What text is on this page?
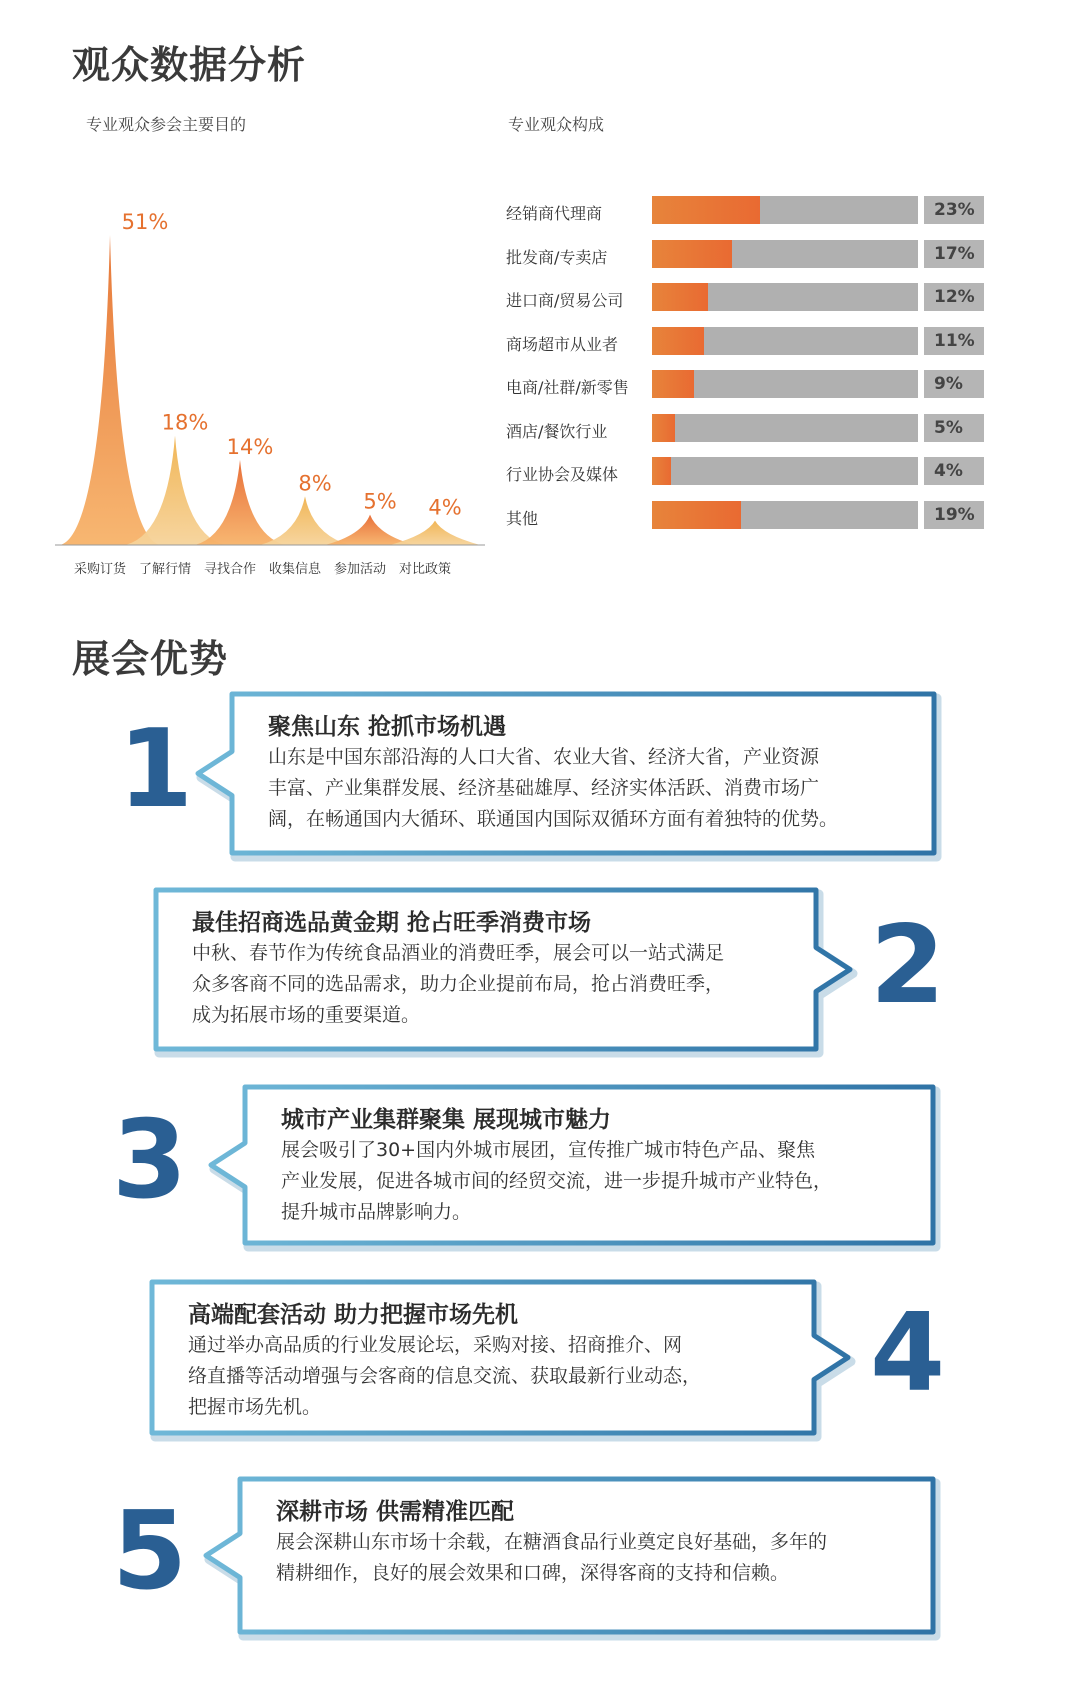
观众数据分析
专业观众参会主要目的	专业观众构成
51%
采购订货
18%
了解行情
14%
寻找合作
8%
收集信息
5%
参加活动
4%
对比政策
经销商代理商	23%
批发商/专卖店	17%
进口商/贸易公司	12%
商场超市从业者	11%
电商/社群/新零售	9%
酒店/餐饮行业	5%
行业协会及媒体	4%
其他	19%
展会优势
1	聚焦山东 抢抓市场机遇
山东是中国东部沿海的人口大省、农业大省、经济大省，产业资源
丰富、产业集群发展、经济基础雄厚、经济实体活跃、消费市场广
阔，在畅通国内大循环、联通国内国际双循环方面有着独特的优势。
2
最佳招商选品黄金期 抢占旺季消费市场
中秋、春节作为传统食品酒业的消费旺季，展会可以一站式满足
众多客商不同的选品需求，助力企业提前布局，抢占消费旺季，
成为拓展市场的重要渠道。
3	城市产业集群聚集 展现城市魅力
展会吸引了30+国内外城市展团，宣传推广城市特色产品、聚焦
产业发展，促进各城市间的经贸交流，进一步提升城市产业特色，
提升城市品牌影响力。
4
高端配套活动 助力把握市场先机
通过举办高品质的行业发展论坛，采购对接、招商推介、网
络直播等活动增强与会客商的信息交流、获取最新行业动态，
把握市场先机。
5	深耕市场 供需精准匹配
展会深耕山东市场十余载，在糖酒食品行业奠定良好基础，多年的
精耕细作，良好的展会效果和口碑，深得客商的支持和信赖。
